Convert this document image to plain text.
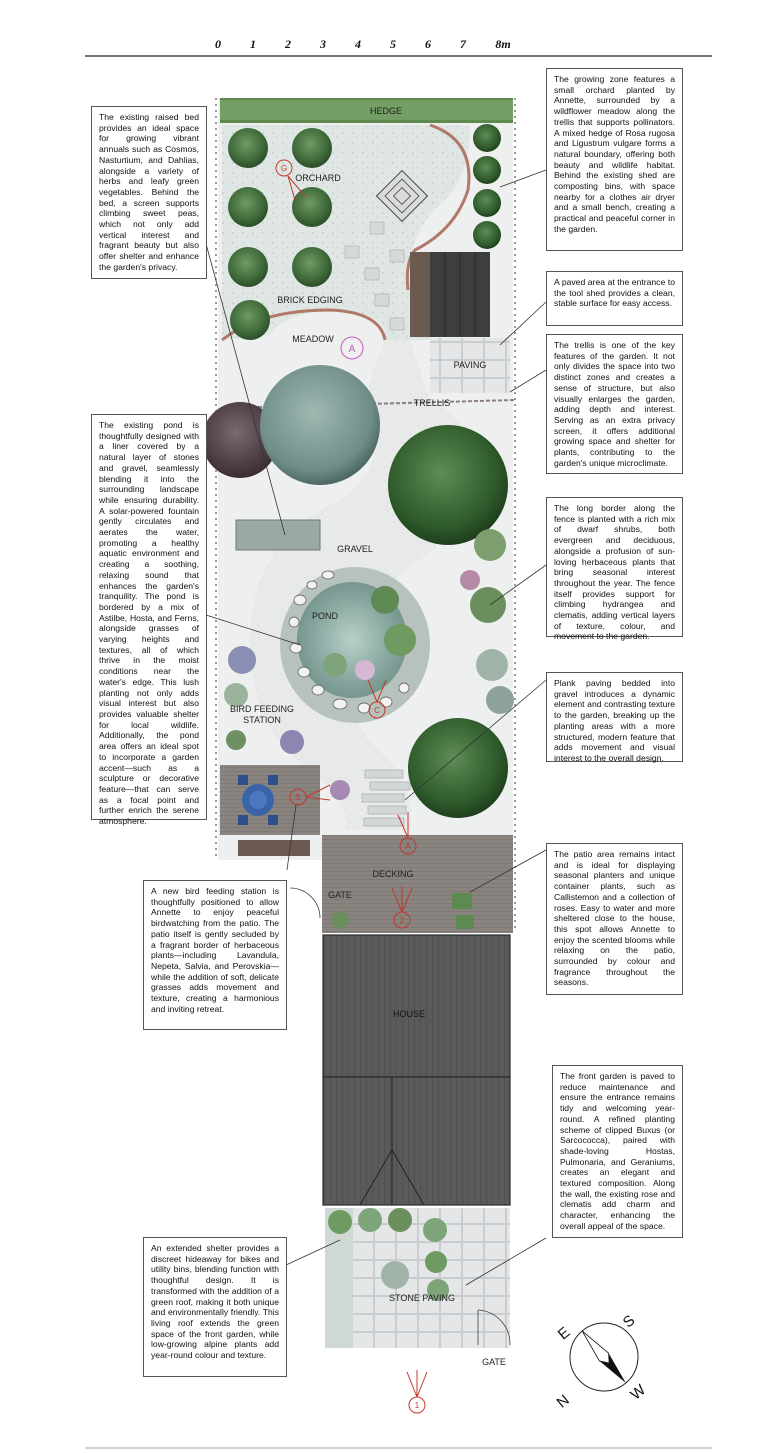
0 1 2 3 4 5 6 7 8m
HEDGE
ORCHARD
BRICK EDGING
MEADOW
PAVING
TRELLIS
GRAVEL
POND
BIRD FEEDING
STATION
DECKING
GATE
HOUSE
STONE PAVING
GATE
1
2
A
C
S
G
A
S
E
W
N
The existing raised bed provides an ideal space for growing vibrant annuals such as Cosmos, Nasturtium, and Dahlias, alongside a variety of herbs and leafy green vegetables. Behind the bed, a screen supports climbing sweet peas, which not only add vertical interest and fragrant beauty but also offer shelter and enhance the garden's privacy.
The existing pond is thoughtfully designed with a liner covered by a natural layer of stones and gravel, seamlessly blending it into the surrounding landscape while ensuring durability. A solar-powered fountain gently circulates and aerates the water, promoting a healthy aquatic environment and creating a soothing, relaxing sound that enhances the garden's tranquility. The pond is bordered by a mix of Astilbe, Hosta, and Ferns, alongside grasses of varying heights and textures, all of which thrive in the moist conditions near the water's edge. This lush planting not only adds visual interest but also provides valuable shelter for local wildlife. Additionally, the pond area offers an ideal spot to incorporate a garden accent—such as a sculpture or decorative feature—that can serve as a focal point and further enrich the serene atmosphere.
A new bird feeding station is thoughtfully positioned to allow Annette to enjoy peaceful birdwatching from the patio. The patio itself is gently secluded by a fragrant border of herbaceous plants—including Lavandula, Nepeta, Salvia, and Perovskia—while the addition of soft, delicate grasses adds movement and texture, creating a harmonious and inviting retreat.
An extended shelter provides a discreet hideaway for bikes and utility bins, blending function with thoughtful design. It is transformed with the addition of a green roof, making it both unique and environmentally friendly. This living roof extends the green space of the front garden, while low-growing alpine plants add year-round colour and texture.
The growing zone features a small orchard planted by Annette, surrounded by a wildflower meadow along the trellis that supports pollinators. A mixed hedge of Rosa rugosa and Ligustrum vulgare forms a natural boundary, offering both beauty and wildlife habitat. Behind the existing shed are composting bins, with space nearby for a clothes air dryer and a small bench, creating a practical and peaceful corner in the garden.
A paved area at the entrance to the tool shed provides a clean, stable surface for easy access.
The trellis is one of the key features of the garden. It not only divides the space into two distinct zones and creates a sense of structure, but also visually enlarges the garden, adding depth and interest. Serving as an extra privacy screen, it offers additional growing space and shelter for plants, contributing to the garden's unique microclimate.
The long border along the fence is planted with a rich mix of dwarf shrubs, both evergreen and deciduous, alongside a profusion of sun-loving herbaceous plants that bring seasonal interest throughout the year. The fence itself provides support for climbing hydrangea and clematis, adding vertical layers of texture, colour, and movement to the garden.
Plank paving bedded into gravel introduces a dynamic element and contrasting texture to the garden, breaking up the planting areas with a more structured, modern feature that adds movement and visual interest to the overall design.
The patio area remains intact and is ideal for displaying seasonal planters and unique container plants, such as Callistemon and a collection of roses. Easy to water and more sheltered close to the house, this spot allows Annette to enjoy the scented blooms while relaxing on the patio, surrounded by colour and fragrance throughout the seasons.
The front garden is paved to reduce maintenance and ensure the entrance remains tidy and welcoming year-round. A refined planting scheme of clipped Buxus (or Sarcococca), paired with shade-loving Hostas, Pulmonaria, and Geraniums, creates an elegant and textured composition. Along the wall, the existing rose and clematis add charm and character, enhancing the overall appeal of the space.
